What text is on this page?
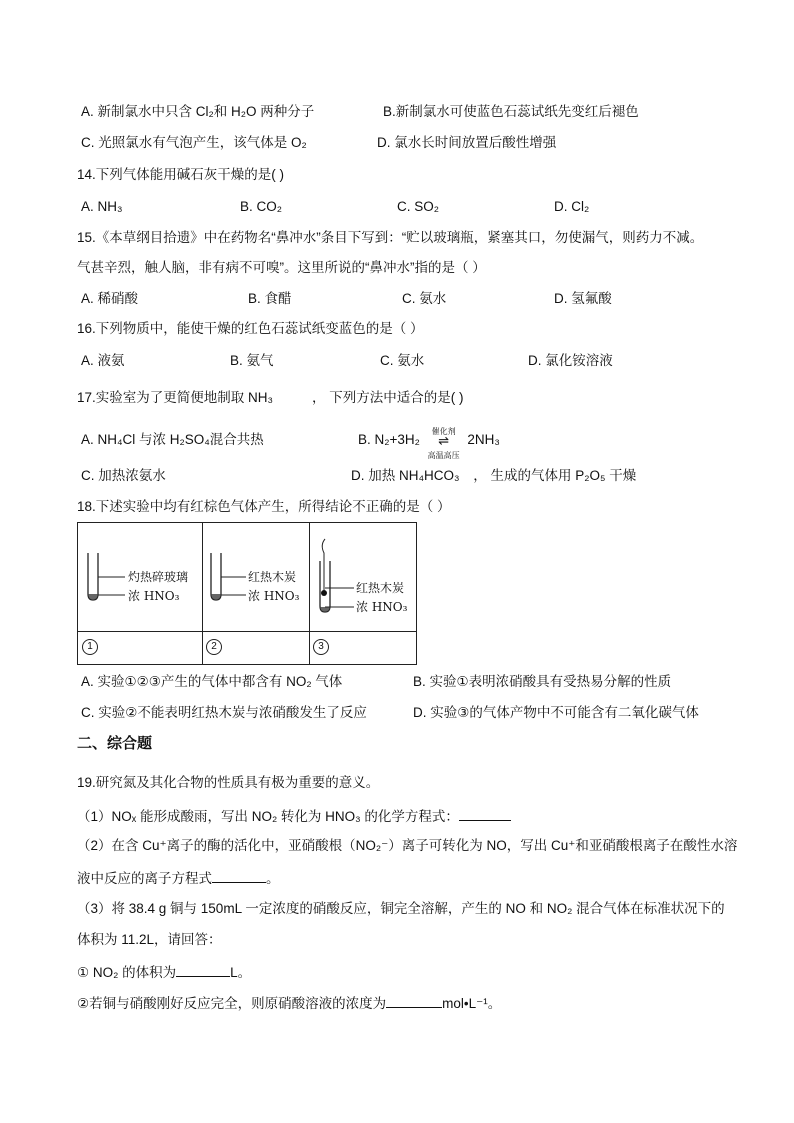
A. 新制氯水中只含 Cl₂和 H₂O 两种分子	B.新制氯水可使蓝色石蕊试纸先变红后褪色
C. 光照氯水有气泡产生，该气体是 O₂	D. 氯水长时间放置后酸性增强
14.下列气体能用碱石灰干燥的是( )
A. NH₃	B. CO₂	C. SO₂	D. Cl₂
15.《本草纲目拾遗》中在药物名“鼻冲水”条目下写到：“贮以玻璃瓶，紧塞其口，勿使漏气，则药力不减。
气甚辛烈，触人脑，非有病不可嗅”。这里所说的“鼻冲水”指的是（ ）
A. 稀硝酸	B. 食醋	C. 氨水	D. 氢氟酸
16.下列物质中，能使干燥的红色石蕊试纸变蓝色的是（ ）
A. 液氨	B. 氨气	C. 氨水	D. 氯化铵溶液
17.实验室为了更简便地制取 NH₃	， 下列方法中适合的是( )
A. NH₄Cl 与浓 H₂SO₄混合共热	B. N₂+3H₂
催化剂
⇌
高温高压
2NH₃
C. 加热浓氨水	D. 加热 NH₄HCO₃ ， 生成的气体用 P₂O₅ 干燥
18.下述实验中均有红棕色气体产生，所得结论不正确的是（ ）
灼热碎玻璃
浓 HNO₃
红热木炭
浓 HNO₃
红热木炭
浓 HNO₃
1	2	3
A. 实验①②③产生的气体中都含有 NO₂ 气体	B. 实验①表明浓硝酸具有受热易分解的性质
C. 实验②不能表明红热木炭与浓硝酸发生了反应	D. 实验③的气体产物中不可能含有二氧化碳气体
二、综合题
19.研究氮及其化合物的性质具有极为重要的意义。
（1）NOₓ 能形成酸雨，写出 NO₂ 转化为 HNO₃ 的化学方程式：
（2）在含 Cu⁺离子的酶的活化中，亚硝酸根（NO₂⁻）离子可转化为 NO，写出 Cu⁺和亚硝酸根离子在酸性水溶
液中反应的离子方程式	。
（3）将 38.4 g 铜与 150mL 一定浓度的硝酸反应，铜完全溶解，产生的 NO 和 NO₂ 混合气体在标准状况下的
体积为 11.2L，请回答：
① NO₂ 的体积为	L。
②若铜与硝酸刚好反应完全，则原硝酸溶液的浓度为	mol•L⁻¹。
